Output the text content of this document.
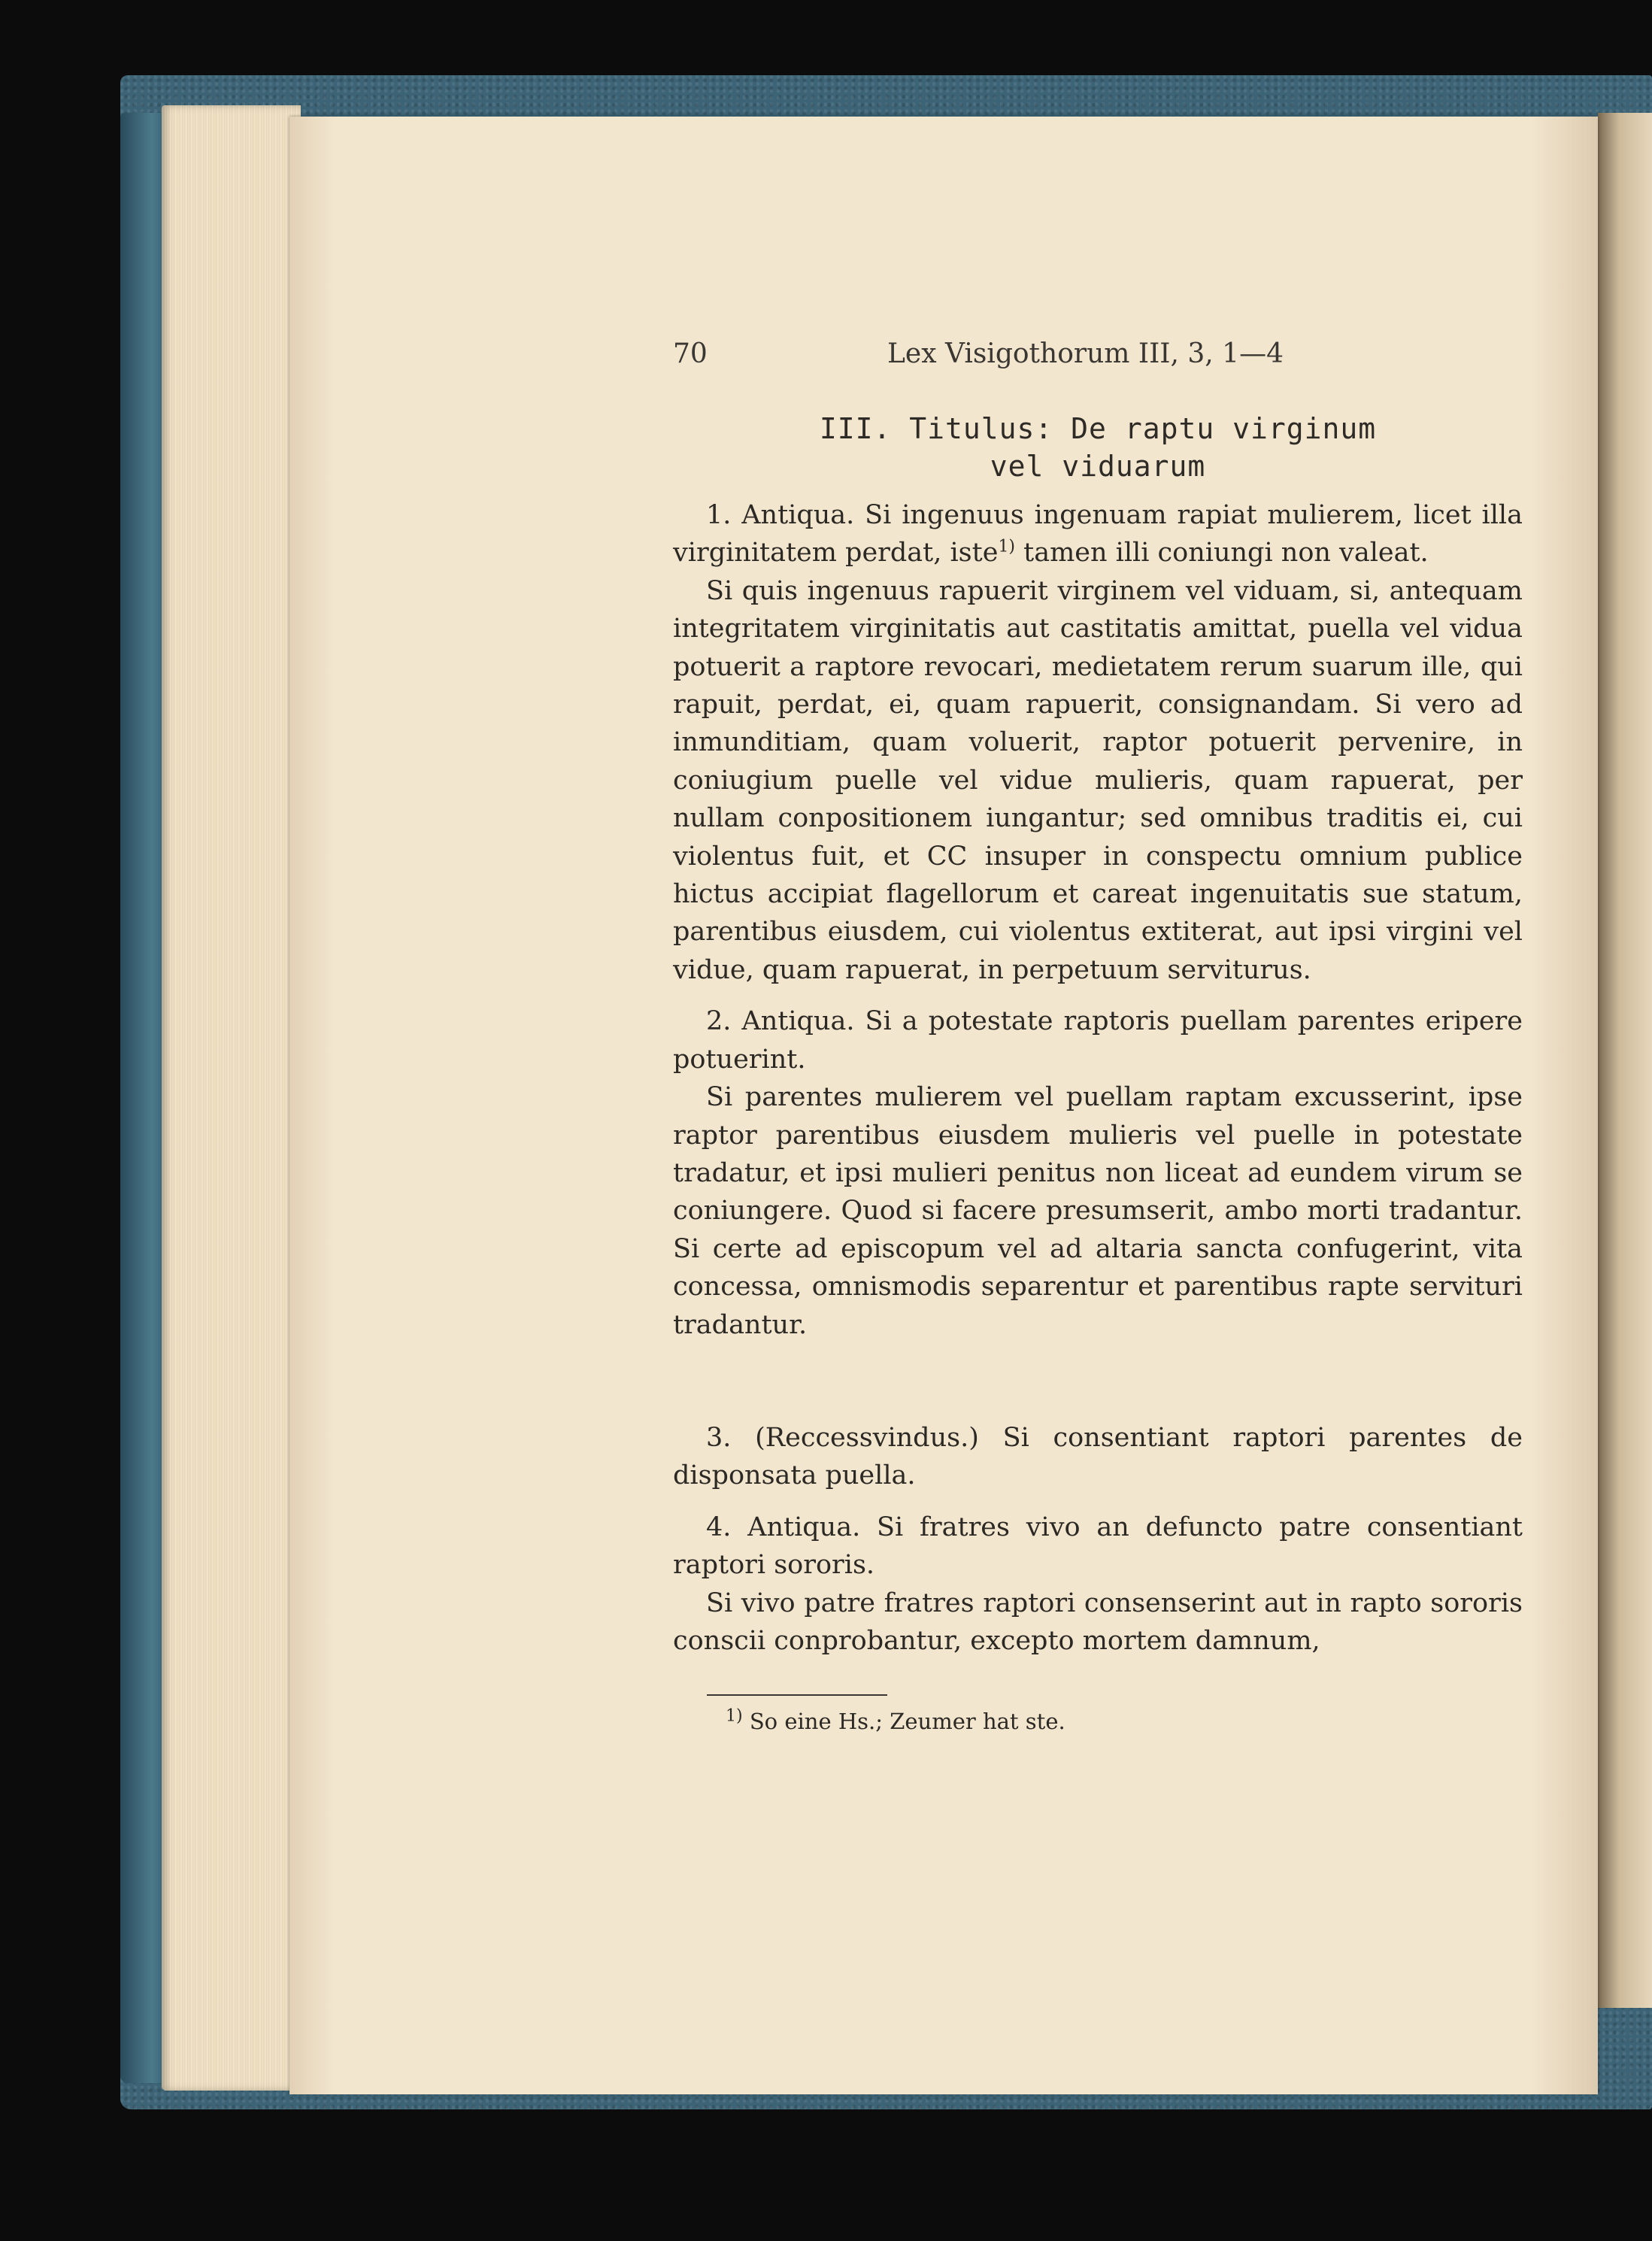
70	Lex Visigothorum III, 3, 1—4
III. Titulus: De raptu virginum
vel viduarum

1. Antiqua. Si ingenuus ingenuam rapiat mulierem, licet illa virginitatem perdat, iste$^{1)}$ tamen illi coniungi non valeat.

Si quis ingenuus rapuerit virginem vel viduam, si, antequam integritatem virginitatis aut castitatis amittat, puella vel vidua potuerit a raptore revocari, medietatem rerum suarum ille, qui rapuit, perdat, ei, quam rapuerit, consignandam. Si vero ad inmunditiam, quam voluerit, raptor potuerit pervenire, in coniugium puelle vel vidue mulieris, quam rapuerat, per nullam conpositionem iungantur; sed omnibus traditis ei, cui violentus fuit, et CC insuper in conspectu omnium publice hictus accipiat flagellorum et careat ingenuitatis sue statum, parentibus eiusdem, cui violentus extiterat, aut ipsi virgini vel vidue, quam rapuerat, in perpetuum serviturus.

2. Antiqua. Si a potestate raptoris puellam parentes eripere potuerint.

Si parentes mulierem vel puellam raptam excusserint, ipse raptor parentibus eiusdem mulieris vel puelle in potestate tradatur, et ipsi mulieri penitus non liceat ad eundem virum se coniungere. Quod si facere presumserit, ambo morti tradantur. Si certe ad episcopum vel ad altaria sancta confugerint, vita concessa, omnismodis separentur et parentibus rapte servituri tradantur.

3. (Reccessvindus.) Si consentiant raptori parentes de disponsata puella.

4. Antiqua. Si fratres vivo an defuncto patre consentiant raptori sororis.

Si vivo patre fratres raptori consenserint aut in rapto sororis conscii conprobantur, excepto mortem damnum,

$^{1)}$ So eine Hs.; Zeumer hat ste.
